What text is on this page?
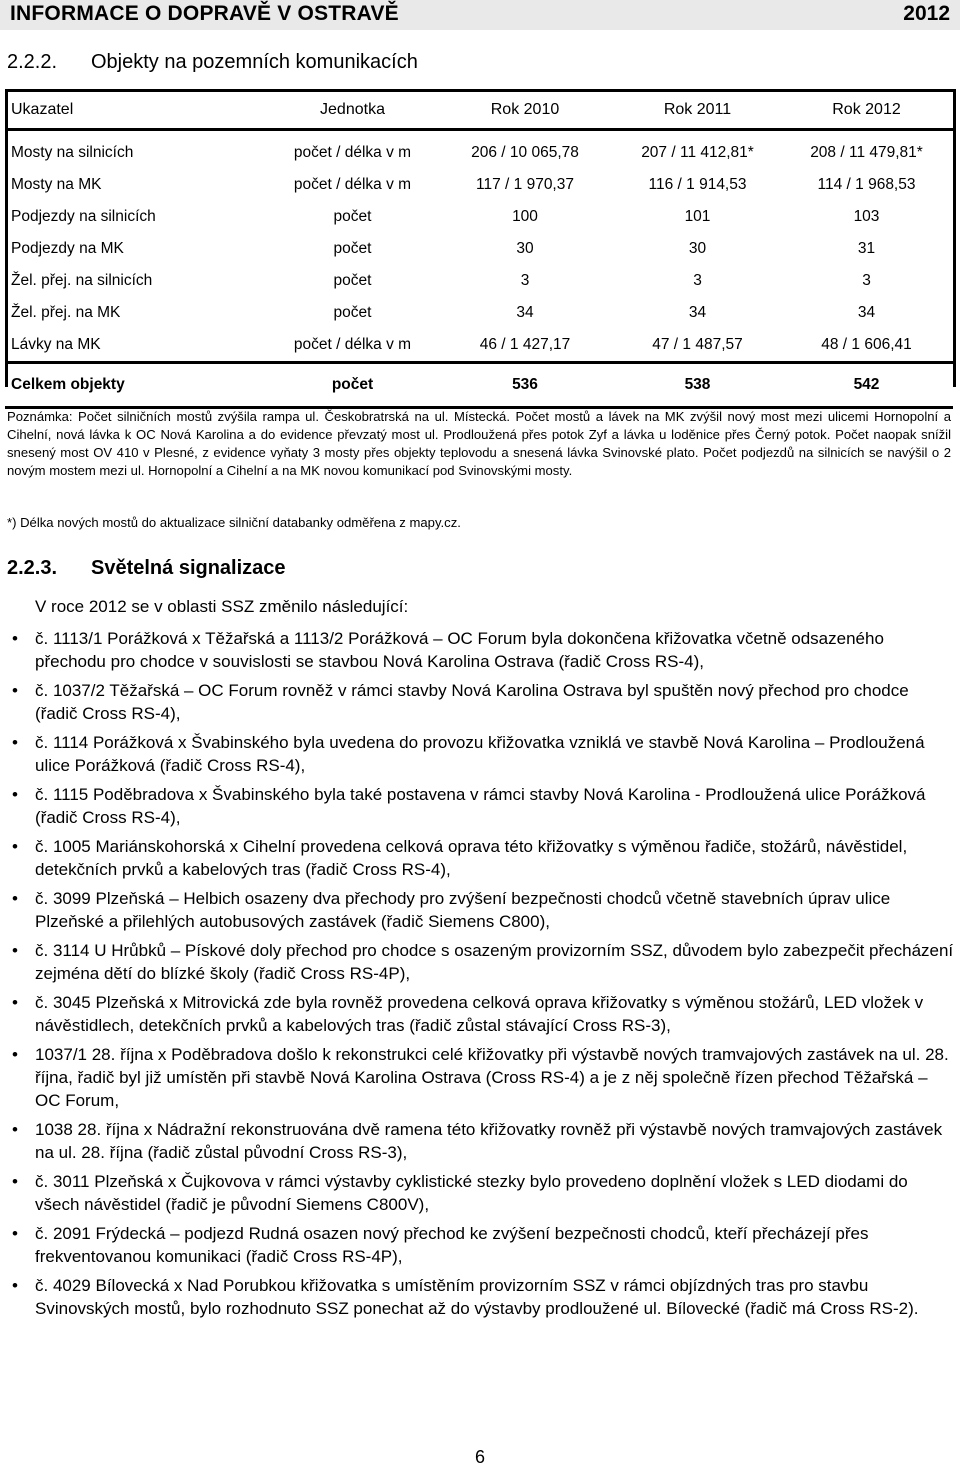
INFORMACE O DOPRAVĚ V OSTRAVĚ	2012
2.2.2. Objekty na pozemních komunikacích
Ukazatel	Jednotka	Rok 2010	Rok 2011	Rok 2012
Mosty na silnicích	počet / délka v m	206 / 10 065,78	207 / 11 412,81*	208 / 11 479,81*
Mosty na MK	počet / délka v m	117 / 1 970,37	116 / 1 914,53	114 / 1 968,53
Podjezdy na silnicích	počet	100	101	103
Podjezdy na MK	počet	30	30	31
Žel. přej. na silnicích	počet	3	3	3
Žel. přej. na MK	počet	34	34	34
Lávky na MK	počet / délka v m	46 / 1 427,17	47 / 1 487,57	48 / 1 606,41
Celkem objekty	počet	536	538	542
Poznámka: Počet silničních mostů zvýšila rampa ul. Českobratrská na ul. Místecká. Počet mostů a lávek na MK zvýšil nový most mezi ulicemi Hornopolní a Cihelní, nová lávka k OC Nová Karolina a do evidence převzatý most ul. Prodloužená přes potok Zyf a lávka u loděnice přes Černý potok. Počet naopak snížil snesený most OV 410 v Plesné, z evidence vyňaty 3 mosty přes objekty teplovodu a snesená lávka Svinovské plato. Počet podjezdů na silnicích se navýšil o 2 novým mostem mezi ul. Hornopolní a Cihelní a na MK novou komunikací pod Svinovskými mosty.
*) Délka nových mostů do aktualizace silniční databanky odměřena z mapy.cz.
2.2.3. Světelná signalizace
V roce 2012 se v oblasti SSZ změnilo následující:
• č. 1113/1 Porážková x Těžařská a 1113/2 Porážková – OC Forum byla dokončena křižovatka včetně odsazeného přechodu pro chodce v souvislosti se stavbou Nová Karolina Ostrava (řadič Cross RS-4),
• č. 1037/2 Těžařská – OC Forum rovněž v rámci stavby Nová Karolina Ostrava byl spuštěn nový přechod pro chodce (řadič Cross RS-4),
• č. 1114 Porážková x Švabinského byla uvedena do provozu křižovatka vzniklá ve stavbě Nová Karolina – Prodloužená ulice Porážková (řadič Cross RS-4),
• č. 1115 Poděbradova x Švabinského byla také postavena v rámci stavby Nová Karolina - Prodloužená ulice Porážková (řadič Cross RS-4),
• č. 1005 Mariánskohorská x Cihelní provedena celková oprava této křižovatky s výměnou řadiče, stožárů, návěstidel, detekčních prvků a kabelových tras (řadič Cross RS-4),
• č. 3099 Plzeňská – Helbich osazeny dva přechody pro zvýšení bezpečnosti chodců včetně stavebních úprav ulice Plzeňské a přilehlých autobusových zastávek (řadič Siemens C800),
• č. 3114 U Hrůbků – Pískové doly přechod pro chodce s osazeným provizorním SSZ, důvodem bylo zabezpečit přecházení zejména dětí do blízké školy (řadič Cross RS-4P),
• č. 3045 Plzeňská x Mitrovická zde byla rovněž provedena celková oprava křižovatky s výměnou stožárů, LED vložek v návěstidlech, detekčních prvků a kabelových tras (řadič zůstal stávající Cross RS-3),
• 1037/1 28. října x Poděbradova došlo k rekonstrukci celé křižovatky při výstavbě nových tramvajových zastávek na ul. 28. října, řadič byl již umístěn při stavbě Nová Karolina Ostrava (Cross RS-4) a je z něj společně řízen přechod Těžařská – OC Forum,
• 1038 28. října x Nádražní rekonstruována dvě ramena této křižovatky rovněž při výstavbě nových tramvajových zastávek na ul. 28. října (řadič zůstal původní Cross RS-3),
• č. 3011 Plzeňská x Čujkovova v rámci výstavby cyklistické stezky bylo provedeno doplnění vložek s LED diodami do všech návěstidel (řadič je původní Siemens C800V),
• č. 2091 Frýdecká – podjezd Rudná osazen nový přechod ke zvýšení bezpečnosti chodců, kteří přecházejí přes frekventovanou komunikaci (řadič Cross RS-4P),
• č. 4029 Bílovecká x Nad Porubkou křižovatka s umístěním provizorním SSZ v rámci objízdných tras pro stavbu Svinovských mostů, bylo rozhodnuto SSZ ponechat až do výstavby prodloužené ul. Bílovecké (řadič má Cross RS-2).
6
